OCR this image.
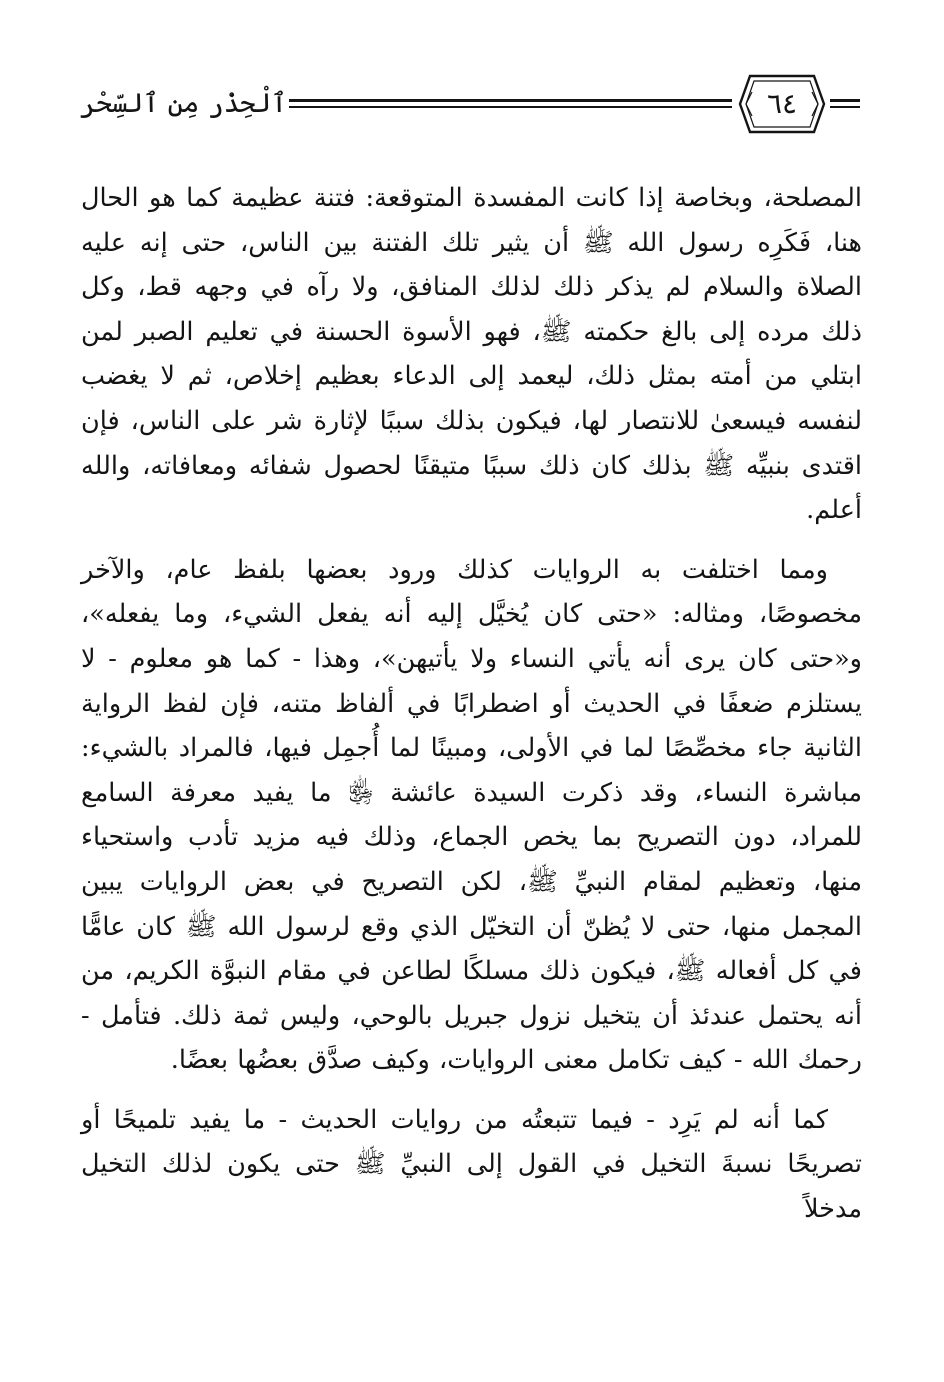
ٱلْحِذْر مِن ٱلسِّحْر	٦٤

المصلحة، وبخاصة إذا كانت المفسدة المتوقعة: فتنة عظيمة كما هو الحال هنا، فَكَرِه رسول الله ﷺ أن يثير تلك الفتنة بين الناس، حتى إنه عليه الصلاة والسلام لم يذكر ذلك لذلك المنافق، ولا رآه في وجهه قط، وكل ذلك مرده إلى بالغ حكمته ﷺ، فهو الأسوة الحسنة في تعليم الصبر لمن ابتلي من أمته بمثل ذلك، ليعمد إلى الدعاء بعظيم إخلاص، ثم لا يغضب لنفسه فيسعىٰ للانتصار لها، فيكون بذلك سببًا لإثارة شر على الناس، فإن اقتدى بنبيِّه ﷺ بذلك كان ذلك سببًا متيقنًا لحصول شفائه ومعافاته، والله أعلم.

ومما اختلفت به الروايات كذلك ورود بعضها بلفظ عام، والآخر مخصوصًا، ومثاله: «حتى كان يُخيَّل إليه أنه يفعل الشيء، وما يفعله»، و«حتى كان يرى أنه يأتي النساء ولا يأتيهن»، وهذا - كما هو معلوم - لا يستلزم ضعفًا في الحديث أو اضطرابًا في ألفاظ متنه، فإن لفظ الرواية الثانية جاء مخصِّصًا لما في الأولى، ومبينًا لما أُجمِل فيها، فالمراد بالشيء: مباشرة النساء، وقد ذكرت السيدة عائشة ﵂ ما يفيد معرفة السامع للمراد، دون التصريح بما يخص الجماع، وذلك فيه مزيد تأدب واستحياء منها، وتعظيم لمقام النبيِّ ﷺ، لكن التصريح في بعض الروايات يبين المجمل منها، حتى لا يُظنّ أن التخيّل الذي وقع لرسول الله ﷺ كان عامًّا في كل أفعاله ﷺ، فيكون ذلك مسلكًا لطاعن في مقام النبوَّة الكريم، من أنه يحتمل عندئذ أن يتخيل نزول جبريل بالوحي، وليس ثمة ذلك. فتأمل - رحمك الله - كيف تكامل معنى الروايات، وكيف صدَّق بعضُها بعضًا.

كما أنه لم يَرِد - فيما تتبعتُه من روايات الحديث - ما يفيد تلميحًا أو تصريحًا نسبةَ التخيل في القول إلى النبيِّ ﷺ حتى يكون لذلك التخيل مدخلاً
